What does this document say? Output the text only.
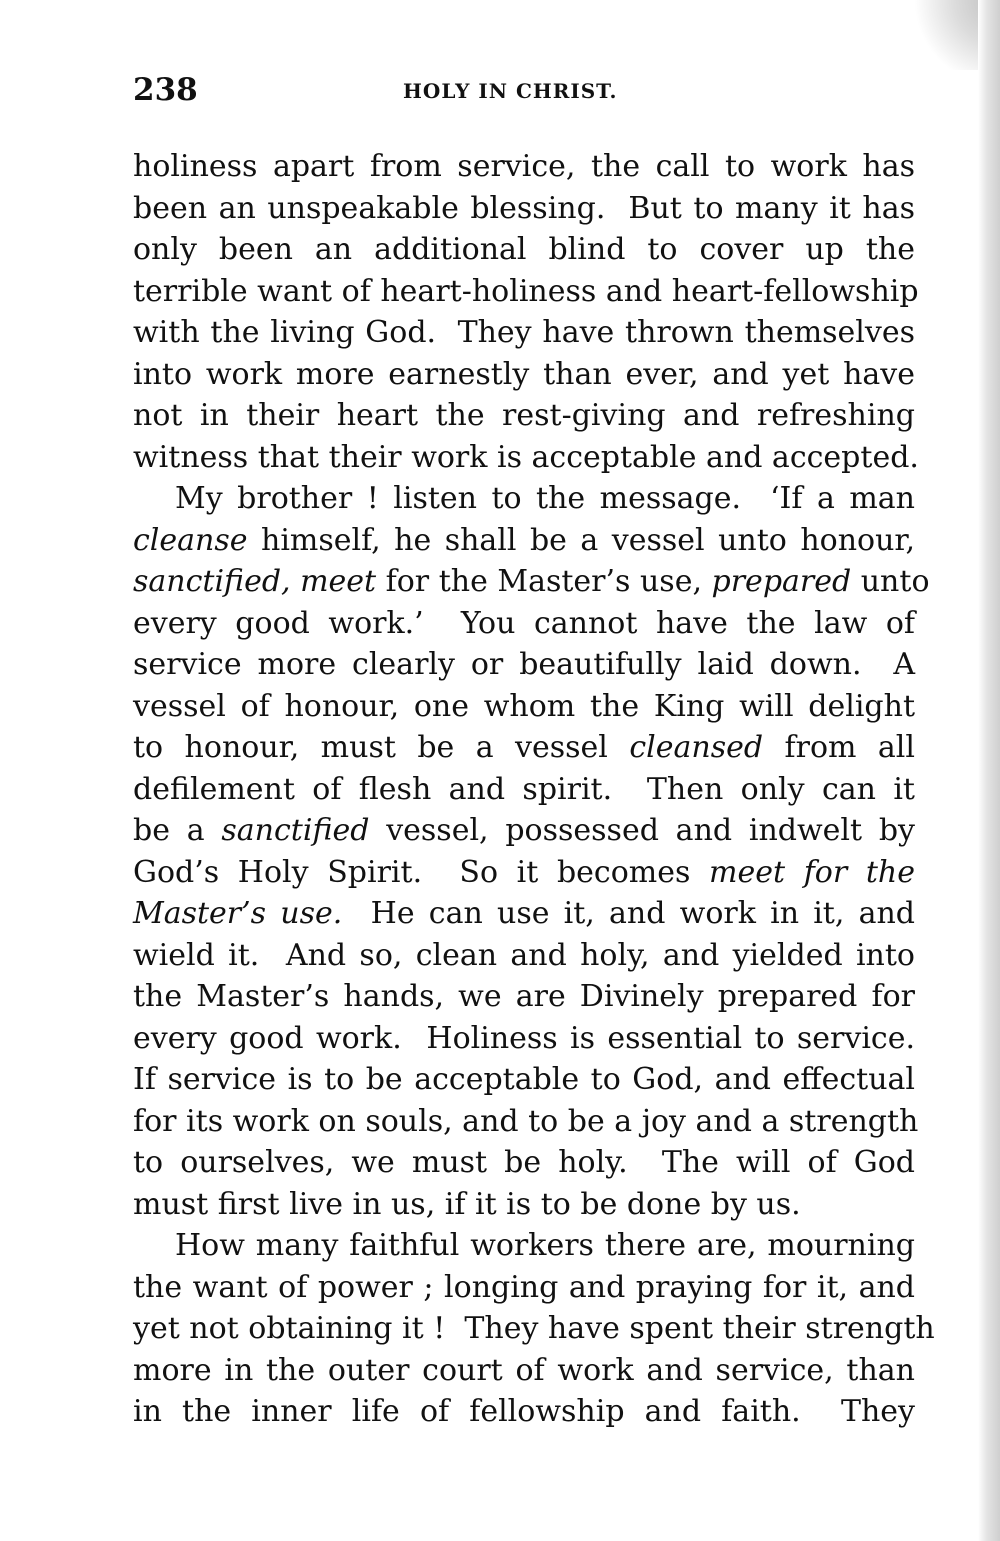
238	HOLY IN CHRIST.
holiness apart from service, the call to work has
been an unspeakable blessing.  But to many it has
only been an additional blind to cover up the
terrible want of heart-holiness and heart-fellowship
with the living God.  They have thrown themselves
into work more earnestly than ever, and yet have
not in their heart the rest-giving and refreshing
witness that their work is acceptable and accepted.
My brother ! listen to the message.  ‘If a man
cleanse himself, he shall be a vessel unto honour,
sanctified, meet for the Master’s use, prepared unto
every good work.’  You cannot have the law of
service more clearly or beautifully laid down.  A
vessel of honour, one whom the King will delight
to honour, must be a vessel cleansed from all
defilement of flesh and spirit.  Then only can it
be a sanctified vessel, possessed and indwelt by
God’s Holy Spirit.  So it becomes meet for the
Master’s use.  He can use it, and work in it, and
wield it.  And so, clean and holy, and yielded into
the Master’s hands, we are Divinely prepared for
every good work.  Holiness is essential to service.
If service is to be acceptable to God, and effectual
for its work on souls, and to be a joy and a strength
to ourselves, we must be holy.  The will of God
must first live in us, if it is to be done by us.
How many faithful workers there are, mourning
the want of power ; longing and praying for it, and
yet not obtaining it !  They have spent their strength
more in the outer court of work and service, than
in the inner life of fellowship and faith.  They
